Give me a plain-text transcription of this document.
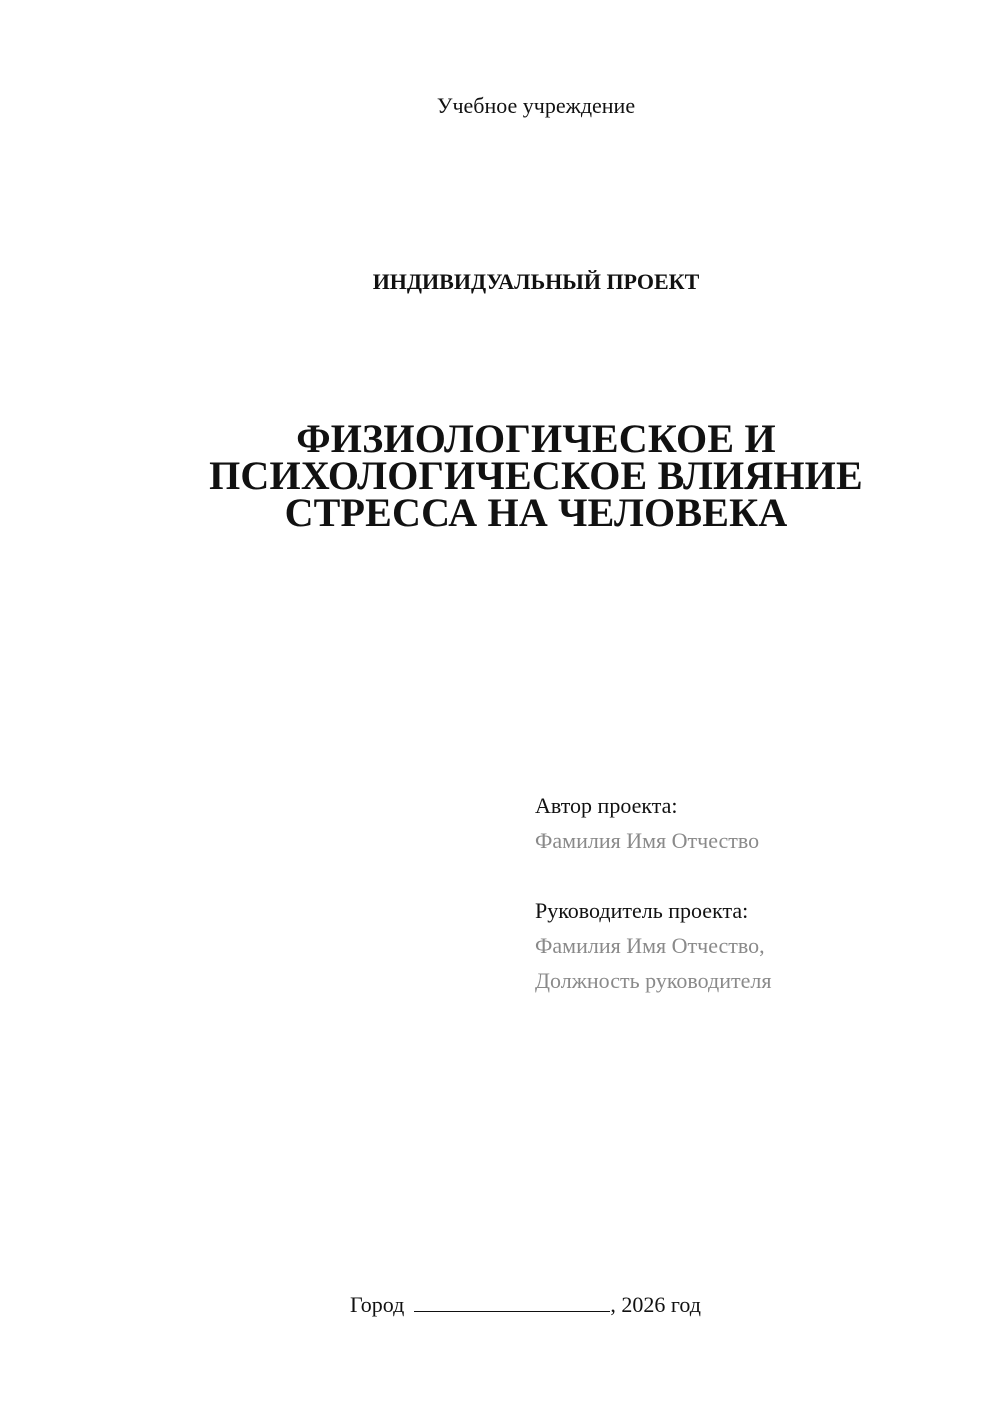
Учебное учреждение
ИНДИВИДУАЛЬНЫЙ ПРОЕКТ
ФИЗИОЛОГИЧЕСКОЕ И
ПСИХОЛОГИЧЕСКОЕ ВЛИЯНИЕ
СТРЕССА НА ЧЕЛОВЕКА
Автор проекта:
Фамилия Имя Отчество
Руководитель проекта:
Фамилия Имя Отчество,
Должность руководителя
Город	, 2026 год
